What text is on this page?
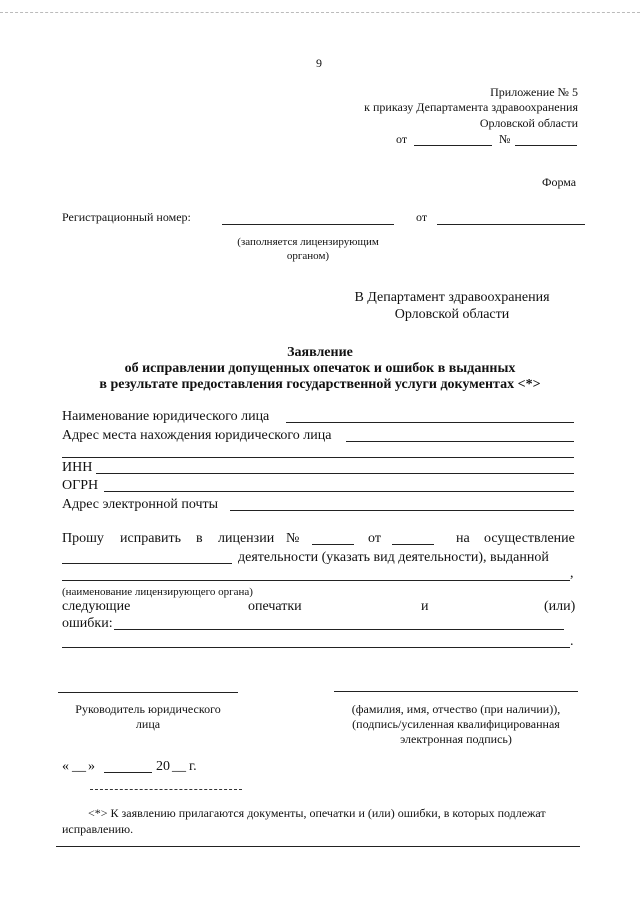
9
Приложение № 5
к приказу Департамента здравоохранения
Орловской области
от	№
Форма
Регистрационный номер:	от
(заполняется лицензирующим
органом)
В Департамент здравоохранения
Орловской области
Заявление
об исправлении допущенных опечаток и ошибок в выданных
в результате предоставления государственной услуги документах <*>
Наименование юридического лица
Адрес места нахождения юридического лица
ИНН
ОГРН
Адрес электронной почты
Прошу исправить в лицензии №	от	на осуществление
деятельности (указать вид деятельности), выданной
,
(наименование лицензирующего органа)
следующие	опечатки	и	(или)
ошибки:
.
Руководитель юридического
лица
(фамилия, имя, отчество (при наличии)),
(подпись/усиленная квалифицированная
электронная подпись)
« __ »	20 __ г.
<*> К заявлению прилагаются документы, опечатки и (или) ошибки, в которых подлежат
исправлению.
